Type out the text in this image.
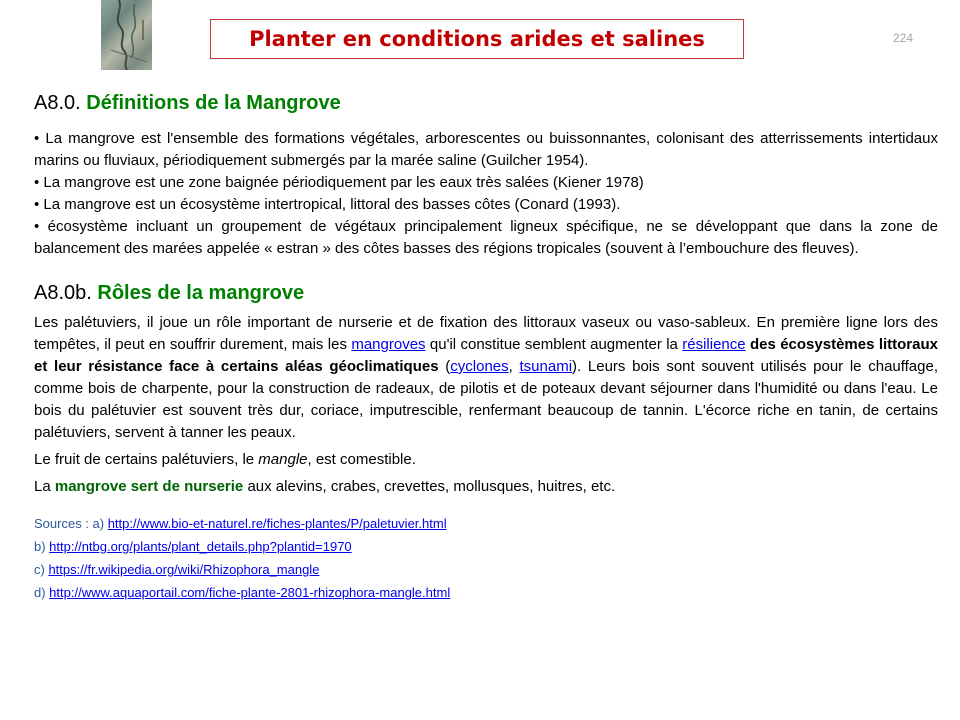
Planter en conditions arides et salines	224
A8.0. Définitions de la Mangrove

• La mangrove est l'ensemble des formations végétales, arborescentes ou buissonnantes, colonisant des atterrissements intertidaux marins ou fluviaux, périodiquement submergés par la marée saline (Guilcher 1954).

• La mangrove est une zone baignée périodiquement par les eaux très salées (Kiener 1978)

• La mangrove est un écosystème intertropical, littoral des basses côtes (Conard (1993).

• écosystème incluant un groupement de végétaux principalement ligneux spécifique, ne se développant que dans la zone de balancement des marées appelée « estran » des côtes basses des régions tropicales (souvent à l’embouchure des fleuves).

A8.0b. Rôles de la mangrove

Les palétuviers, il joue un rôle important de nurserie et de fixation des littoraux vaseux ou vaso-sableux. En première ligne lors des tempêtes, il peut en souffrir durement, mais les mangroves qu'il constitue semblent augmenter la résilience des écosystèmes littoraux et leur résistance face à certains aléas géoclimatiques (cyclones, tsunami). Leurs bois sont souvent utilisés pour le chauffage, comme bois de charpente, pour la construction de radeaux, de pilotis et de poteaux devant séjourner dans l'humidité ou dans l'eau. Le bois du palétuvier est souvent très dur, coriace, imputrescible, renfermant beaucoup de tannin. L'écorce riche en tanin, de certains palétuviers, servent à tanner les peaux.

Le fruit de certains palétuviers, le mangle, est comestible.

La mangrove sert de nurserie aux alevins, crabes, crevettes, mollusques, huitres, etc.

Sources : a) http://www.bio-et-naturel.re/fiches-plantes/P/paletuvier.html

b) http://ntbg.org/plants/plant_details.php?plantid=1970

c) https://fr.wikipedia.org/wiki/Rhizophora_mangle

d) http://www.aquaportail.com/fiche-plante-2801-rhizophora-mangle.html
